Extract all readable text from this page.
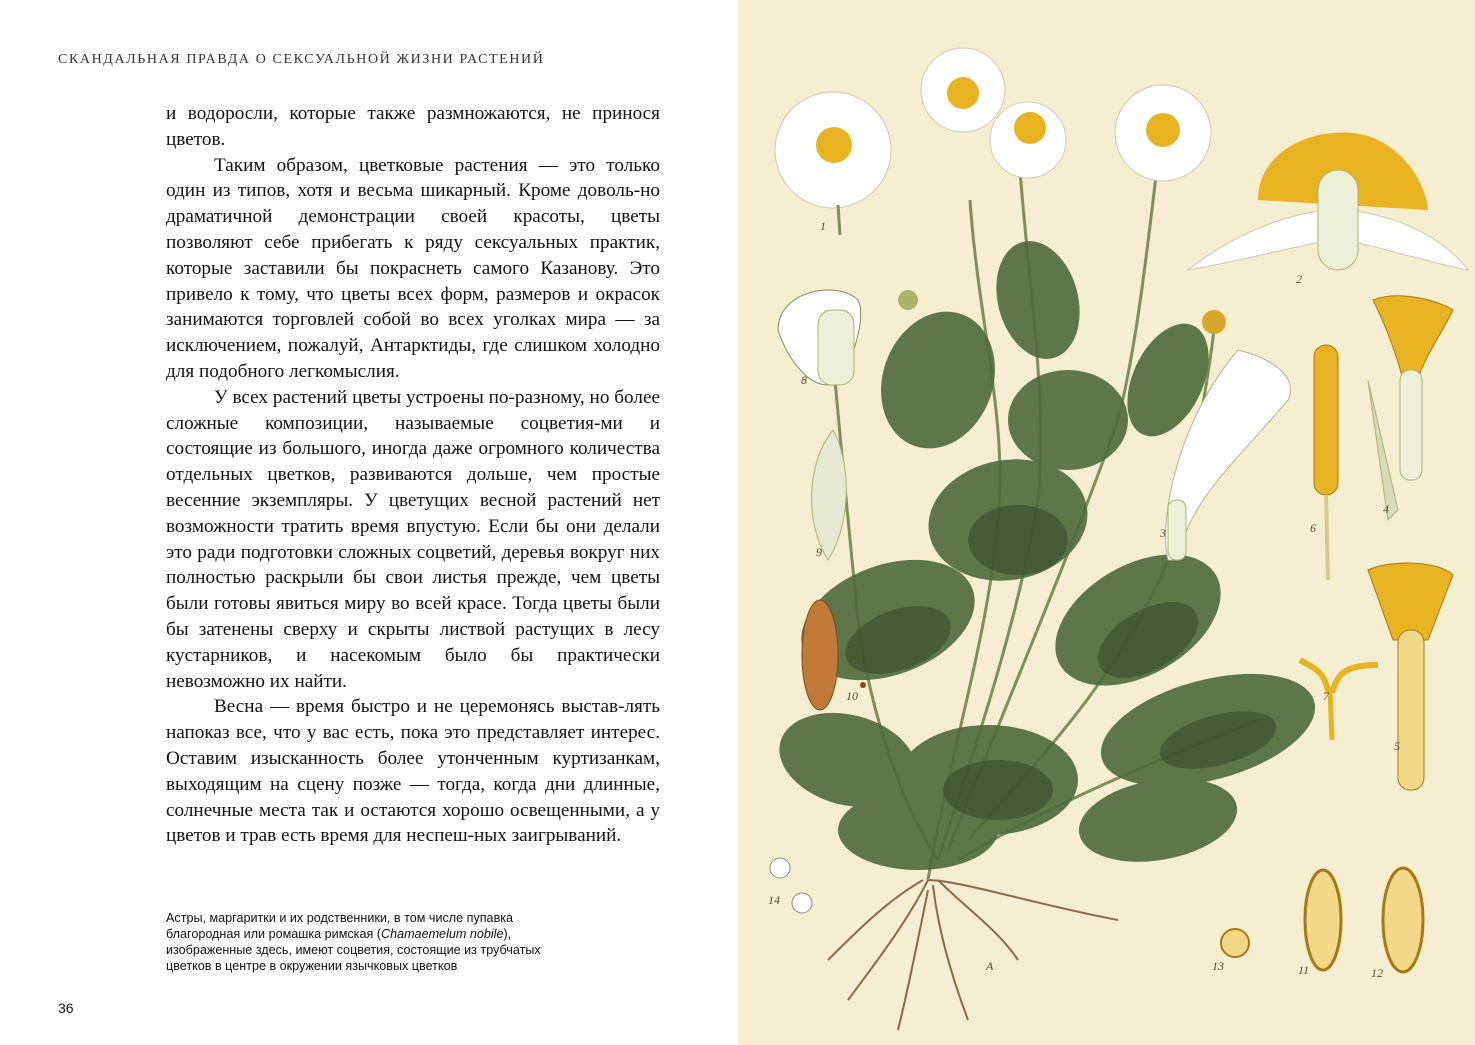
СКАНДАЛЬНАЯ ПРАВДА О СЕКСУАЛЬНОЙ ЖИЗНИ РАСТЕНИЙ

и водоросли, которые также размножаются, не принося цветов.

Таким образом, цветковые растения — это только один из типов, хотя и весьма шикарный. Кроме доволь-но драматичной демонстрации своей красоты, цветы позволяют себе прибегать к ряду сексуальных практик, которые заставили бы покраснеть самого Казанову. Это привело к тому, что цветы всех форм, размеров и окрасок занимаются торговлей собой во всех уголках мира — за исключением, пожалуй, Антарктиды, где слишком холодно для подобного легкомыслия.

У всех растений цветы устроены по-разному, но более сложные композиции, называемые соцветия-ми и состоящие из большого, иногда даже огромного количества отдельных цветков, развиваются дольше, чем простые весенние экземпляры. У цветущих весной растений нет возможности тратить время впустую. Если бы они делали это ради подготовки сложных соцветий, деревья вокруг них полностью раскрыли бы свои листья прежде, чем цветы были готовы явиться миру во всей красе. Тогда цветы были бы затенены сверху и скрыты листвой растущих в лесу кустарников, и насекомым было бы практически невозможно их найти.

Весна — время быстро и не церемонясь выстав-лять напоказ все, что у вас есть, пока это представляет интерес. Оставим изысканность более утонченным куртизанкам, выходящим на сцену позже — тогда, когда дни длинные, солнечные места так и остаются хорошо освещенными, а у цветов и трав есть время для неспеш-ных заигрываний.

Астры, маргаритки и их родственники, в том числе пупавка благородная или ромашка римская (Chamaemelum nobile), изображенные здесь, имеют соцветия, состоящие из трубчатых цветков в центре в окружении язычковых цветков
36
1
2
3
4
5
6
7
8
9
10
11	12
13
14
A
